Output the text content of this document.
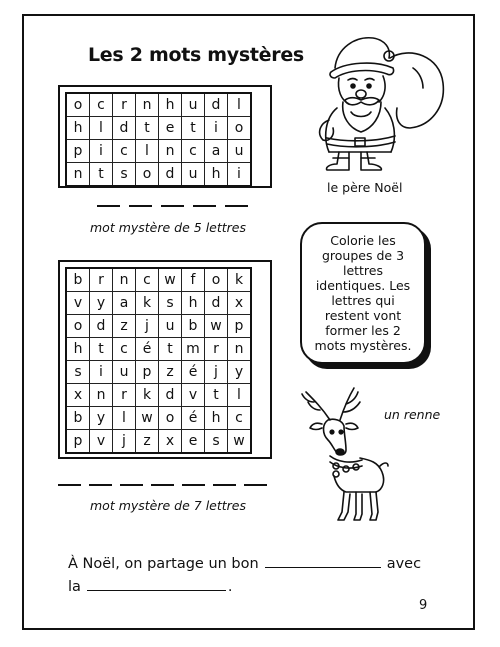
Les 2 mots mystères
o	c	r	n	h	u	d	l
h	l	d	t	e	t	i	o
p	i	c	l	n	c	a	u
n	t	s	o	d	u	h	i
mot mystère de 5 lettres
b	r	n	c	w	f	o	k
v	y	a	k	s	h	d	x
o	d	z	j	u	b	w	p
h	t	c	é	t	m	r	n
s	i	u	p	z	é	j	y
x	n	r	k	d	v	t	l
b	y	l	w	o	é	h	c
p	v	j	z	x	e	s	w
mot mystère de 7 lettres
le père Noël
Colorie les groupes de 3 lettres identiques. Les lettres qui restent vont former les 2 mots mystères.
un renne
À Noël, on partage un bon	avec
la	.
9
